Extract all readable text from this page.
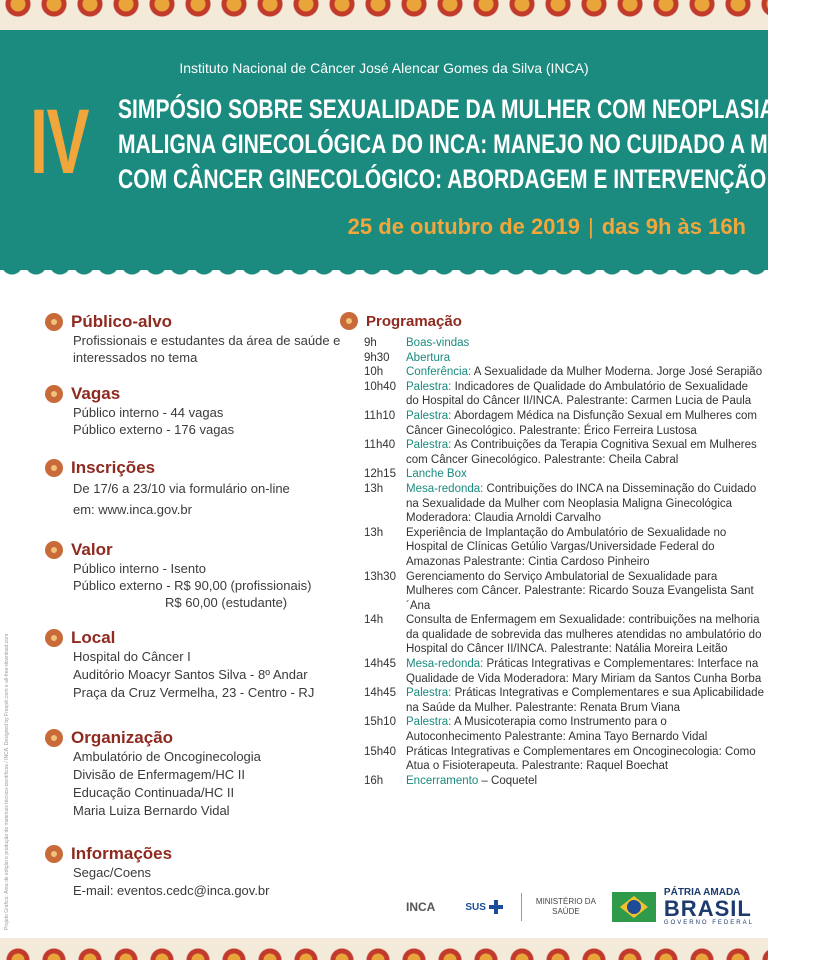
Instituto Nacional de Câncer José Alencar Gomes da Silva (INCA)
IV SIMPÓSIO SOBRE SEXUALIDADE DA MULHER COM NEOPLASIA
MALIGNA GINECOLÓGICA DO INCA: MANEJO NO CUIDADO A MULHER
COM CÂNCER GINECOLÓGICO: ABORDAGEM E INTERVENÇÃO
25 de outubro de 2019 | das 9h às 16h
Público-alvo
Profissionais e estudantes da área de saúde e
interessados no tema
Vagas
Público interno - 44 vagas
Público externo - 176 vagas
Inscrições
De 17/6 a 23/10 via formulário on-line
em: www.inca.gov.br
Valor
Público interno - Isento
Público externo - R$ 90,00 (profissionais)
R$ 60,00 (estudante)
Local
Hospital do Câncer I
Auditório Moacyr Santos Silva - 8º Andar
Praça da Cruz Vermelha, 23 - Centro - RJ
Organização
Ambulatório de Oncoginecologia
Divisão de Enfermagem/HC II
Educação Continuada/HC II
Maria Luiza Bernardo Vidal
Informações
Segac/Coens
E-mail: eventos.cedc@inca.gov.br
Programação
9h	Boas-vindas
9h30	Abertura
10h	Conferência: A Sexualidade da Mulher Moderna. Jorge José Serapião
10h40 Palestra: Indicadores de Qualidade do Ambulatório de Sexualidade do Hospital do Câncer II/INCA. Palestrante: Carmen Lucia de Paula
11h10 Palestra: Abordagem Médica na Disfunção Sexual em Mulheres com Câncer Ginecológico. Palestrante: Érico Ferreira Lustosa
11h40 Palestra: As Contribuições da Terapia Cognitiva Sexual em Mulheres com Câncer Ginecológico. Palestrante: Cheila Cabral
12h15 Lanche Box
13h	Mesa-redonda: Contribuições do INCA na Disseminação do Cuidado na Sexualidade da Mulher com Neoplasia Maligna Ginecológica Moderadora: Claudia Arnoldi Carvalho
13h	Experiência de Implantação do Ambulatório de Sexualidade no Hospital de Clínicas Getúlio Vargas/Universidade Federal do Amazonas Palestrante: Cintia Cardoso Pinheiro
13h30 Gerenciamento do Serviço Ambulatorial de Sexualidade para Mulheres com Câncer. Palestrante: Ricardo Souza Evangelista Sant´Ana
14h	Consulta de Enfermagem em Sexualidade: contribuições na melhoria da qualidade de sobrevida das mulheres atendidas no ambulatório do Hospital do Câncer II/INCA. Palestrante: Natália Moreira Leitão
14h45 Mesa-redonda: Práticas Integrativas e Complementares: Interface na Qualidade de Vida Moderadora: Mary Miriam da Santos Cunha Borba
14h45 Palestra: Práticas Integrativas e Complementares e sua Aplicabilidade na Saúde da Mulher. Palestrante: Renata Brum Viana
15h10 Palestra: A Musicoterapia como Instrumento para o Autoconhecimento Palestrante: Amina Tayo Bernardo Vidal
15h40 Práticas Integrativas e Complementares em Oncoginecologia: Como Atua o Fisioterapeuta. Palestrante: Raquel Boechat
16h	Encerramento – Coquetel
Projeto Gráfico: Área de edição e produção de materiais técnico-científicos / INCA. Designed by Freepik.com e all-free-download.com	INCA	SUS	MINISTÉRIO DA
SAÚDE
PÁTRIA AMADA
BRASIL
GOVERNO FEDERAL
